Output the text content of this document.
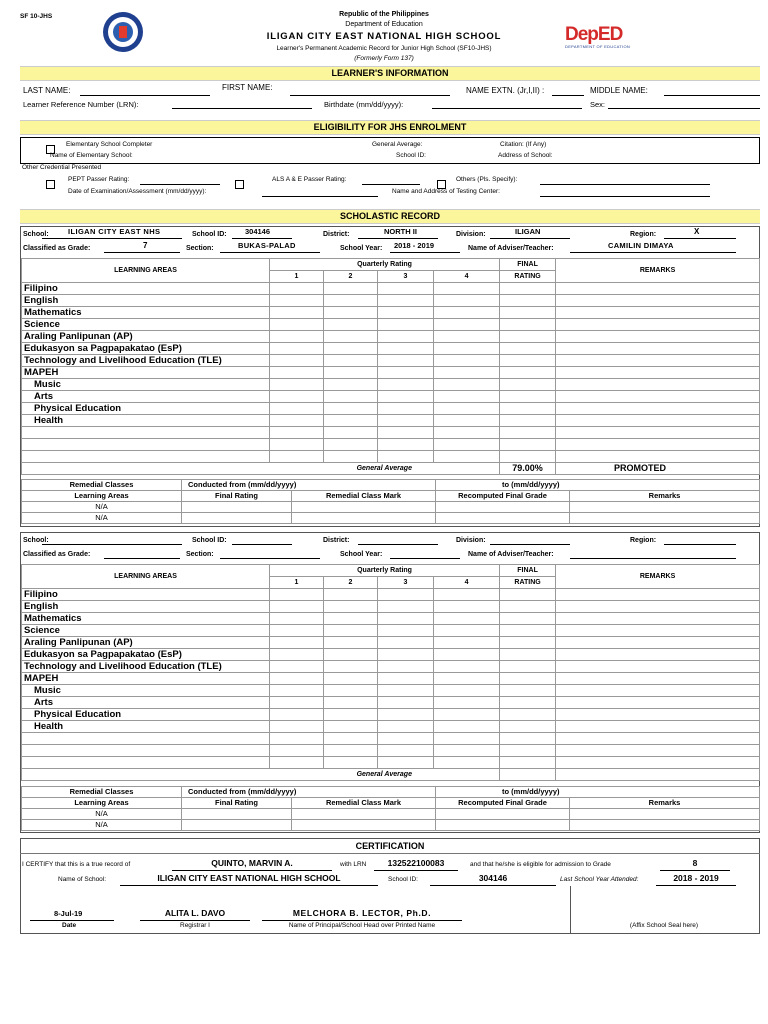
SF 10-JHS	Republic of the Philippines
Department of Education
ILIGAN CITY EAST NATIONAL HIGH SCHOOL
Learner's Permanent Academic Record for Junior High School (SF10-JHS)
(Formerly Form 137)
DepED
DEPARTMENT OF EDUCATION
LEARNER'S INFORMATION
LAST NAME:	FIRST NAME:	NAME EXTN. (Jr,I,II) :	MIDDLE NAME:
Learner Reference Number (LRN):	Birthdate (mm/dd/yyyy):	Sex:
ELIGIBILITY FOR JHS ENROLMENT
Elementary School Completer	General Average:	Citation: (If Any)
Name of Elementary School:	School ID:	Address of School:
Other Credential Presented
PEPT Passer Rating:	ALS A & E Passer Rating:	Others (Pls. Specify):
Date of Examination/Assessment (mm/dd/yyyy):	Name and Address of Testing Center:
SCHOLASTIC RECORD
School:	ILIGAN CITY EAST NHS	School ID: 304146	District:	NORTH II	Division:	ILIGAN	Region:	X
Classified as Grade:	7	Section:	BUKAS-PALAD	School Year: 2018 - 2019	Name of Adviser/Teacher:	CAMILIN DIMAYA
LEARNING AREAS	Quarterly Rating				FINAL	REMARKS
	1	2	3	4	RATING	
Filipino						
English						
Mathematics						
Science						
Araling Panlipunan (AP)						
Edukasyon sa Pagpapakatao (EsP)						
Technology and Livelihood Education (TLE)						
MAPEH						
Music						
Arts						
Physical Education						
Health						

	General Average				79.00%	PROMOTED
Remedial Classes	Conducted from (mm/dd/yyyy)		to (mm/dd/yyyy)	
Learning Areas	Final Rating	Remedial Class Mark	Recomputed Final Grade	Remarks
N/A				
N/A				
School:	School ID:	District:	Division:	Region:
Classified as Grade:	Section:	School Year:	Name of Adviser/Teacher:
LEARNING AREAS	Quarterly Rating				FINAL	REMARKS
	1	2	3	4	RATING	
Filipino						
English						
Mathematics						
Science						
Araling Panlipunan (AP)						
Edukasyon sa Pagpapakatao (EsP)						
Technology and Livelihood Education (TLE)						
MAPEH						
Music						
Arts						
Physical Education						
Health						

	General Average					
Remedial Classes	Conducted from (mm/dd/yyyy)		to (mm/dd/yyyy)	
Learning Areas	Final Rating	Remedial Class Mark	Recomputed Final Grade	Remarks
N/A				
N/A				
CERTIFICATION
I CERTIFY that this is a true record of	QUINTO, MARVIN A.	with LRN	132522100083	and that he/she is eligible for admission to Grade	8
Name of School:	ILIGAN CITY EAST NATIONAL HIGH SCHOOL	School ID:	304146	Last School Year Attended:	2018 - 2019
(Affix School Seal here)
8-Jul-19
Date
ALITA L. DAVO
Registrar I
MELCHORA B. LECTOR, Ph.D.
Name of Principal/School Head over Printed Name
